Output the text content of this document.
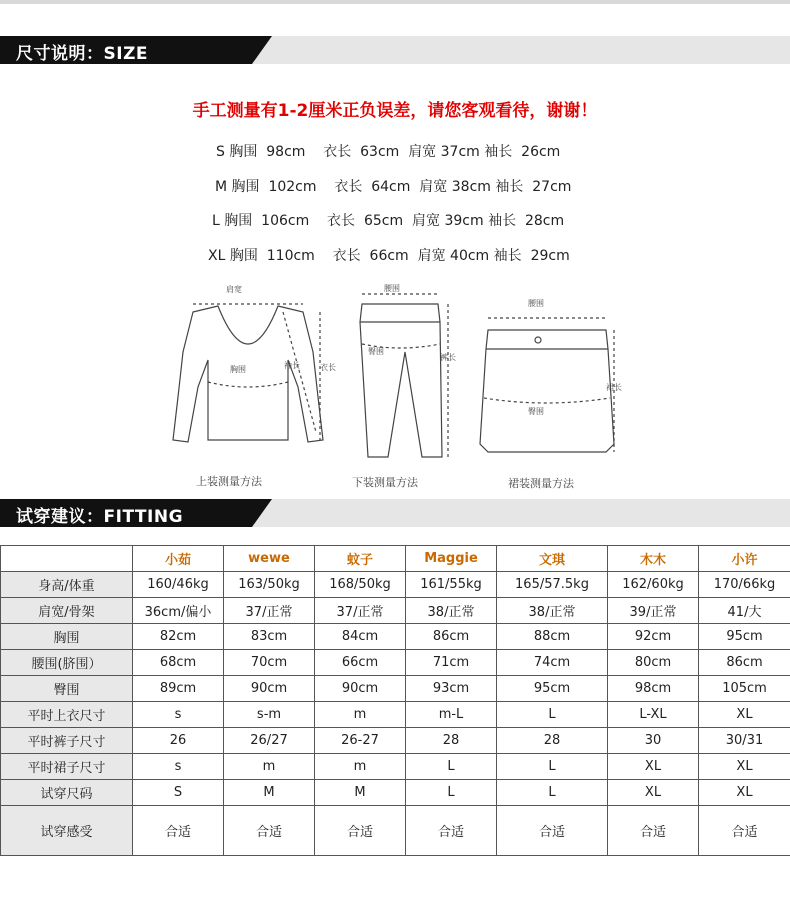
尺寸说明：SIZE
手工测量有1-2厘米正负误差，请您客观看待，谢谢！
S 胸围 98cm 衣长 63cm 肩宽 37cm 袖长 26cm
M 胸围 102cm 衣长 64cm 肩宽 38cm 袖长 27cm
L 胸围 106cm 衣长 65cm 肩宽 39cm 袖长 28cm
XL 胸围 110cm 衣长 66cm 肩宽 40cm 袖长 29cm
肩宽
胸围	袖长	衣长
上装测量方法
腰围
臀围
裤长
下装测量方法
腰围
臀围
裙长
裙装测量方法
试穿建议：FITTING
	小茹	wewe	蚊子	Maggie	文琪	木木	小许
身高/体重	160/46kg	163/50kg	168/50kg	161/55kg	165/57.5kg	162/60kg	170/66kg
肩宽/骨架	36cm/偏小	37/正常	37/正常	38/正常	38/正常	39/正常	41/大
胸围	82cm	83cm	84cm	86cm	88cm	92cm	95cm
腰围(脐围）	68cm	70cm	66cm	71cm	74cm	80cm	86cm
臀围	89cm	90cm	90cm	93cm	95cm	98cm	105cm
平时上衣尺寸	s	s-m	m	m-L	L	L-XL	XL
平时裤子尺寸	26	26/27	26-27	28	28	30	30/31
平时裙子尺寸	s	m	m	L	L	XL	XL
试穿尺码	S	M	M	L	L	XL	XL
试穿感受	合适	合适	合适	合适	合适	合适	合适
